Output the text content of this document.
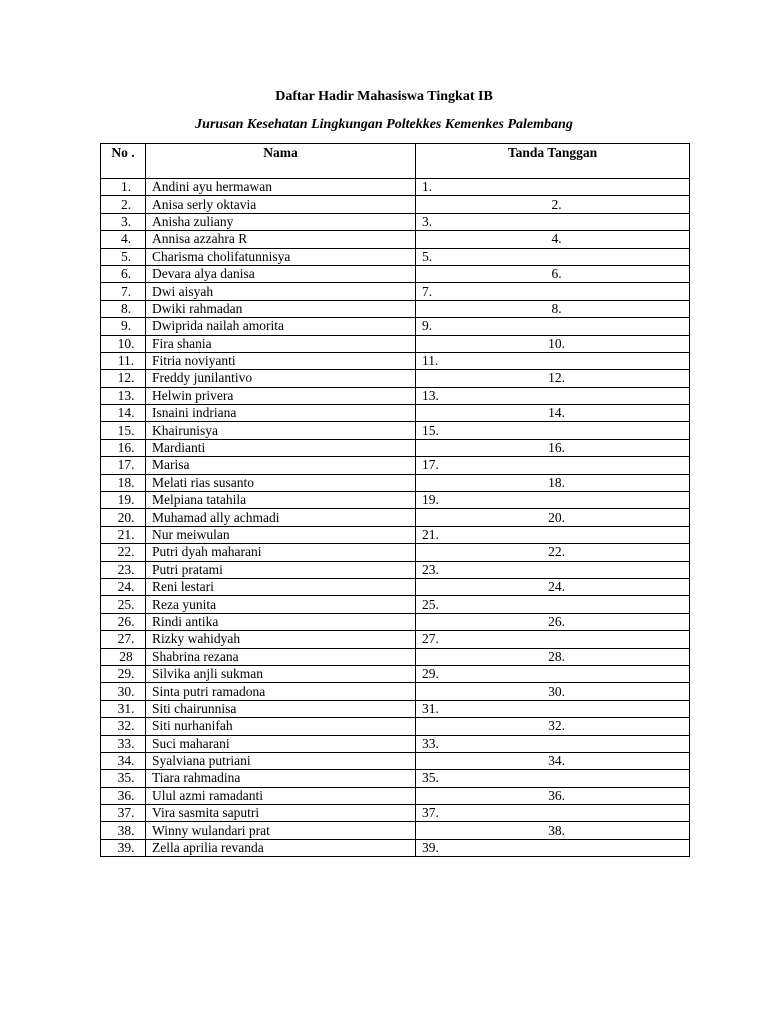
Daftar Hadir Mahasiswa Tingkat IB
Jurusan Kesehatan Lingkungan Poltekkes Kemenkes Palembang
No .	Nama	Tanda Tanggan
1.	Andini ayu hermawan	1.
2.	Anisa serly oktavia	2.
3.	Anisha zuliany	3.
4.	Annisa azzahra R	4.
5.	Charisma cholifatunnisya	5.
6.	Devara alya danisa	6.
7.	Dwi aisyah	7.
8.	Dwiki rahmadan	8.
9.	Dwiprida nailah amorita	9.
10.	Fira shania	10.
11.	Fitria noviyanti	11.
12.	Freddy junilantivo	12.
13.	Helwin privera	13.
14.	Isnaini indriana	14.
15.	Khairunisya	15.
16.	Mardianti	16.
17.	Marisa	17.
18.	Melati rias susanto	18.
19.	Melpiana tatahila	19.
20.	Muhamad ally achmadi	20.
21.	Nur meiwulan	21.
22.	Putri dyah maharani	22.
23.	Putri pratami	23.
24.	Reni lestari	24.
25.	Reza yunita	25.
26.	Rindi antika	26.
27.	Rizky wahidyah	27.
28	Shabrina rezana	28.
29.	Silvika anjli sukman	29.
30.	Sinta putri ramadona	30.
31.	Siti chairunnisa	31.
32.	Siti nurhanifah	32.
33.	Suci maharani	33.
34.	Syalviana putriani	34.
35.	Tiara rahmadina	35.
36.	Ulul azmi ramadanti	36.
37.	Vira sasmita saputri	37.
38.	Winny wulandari prat	38.
39.	Zella aprilia revanda	39.
